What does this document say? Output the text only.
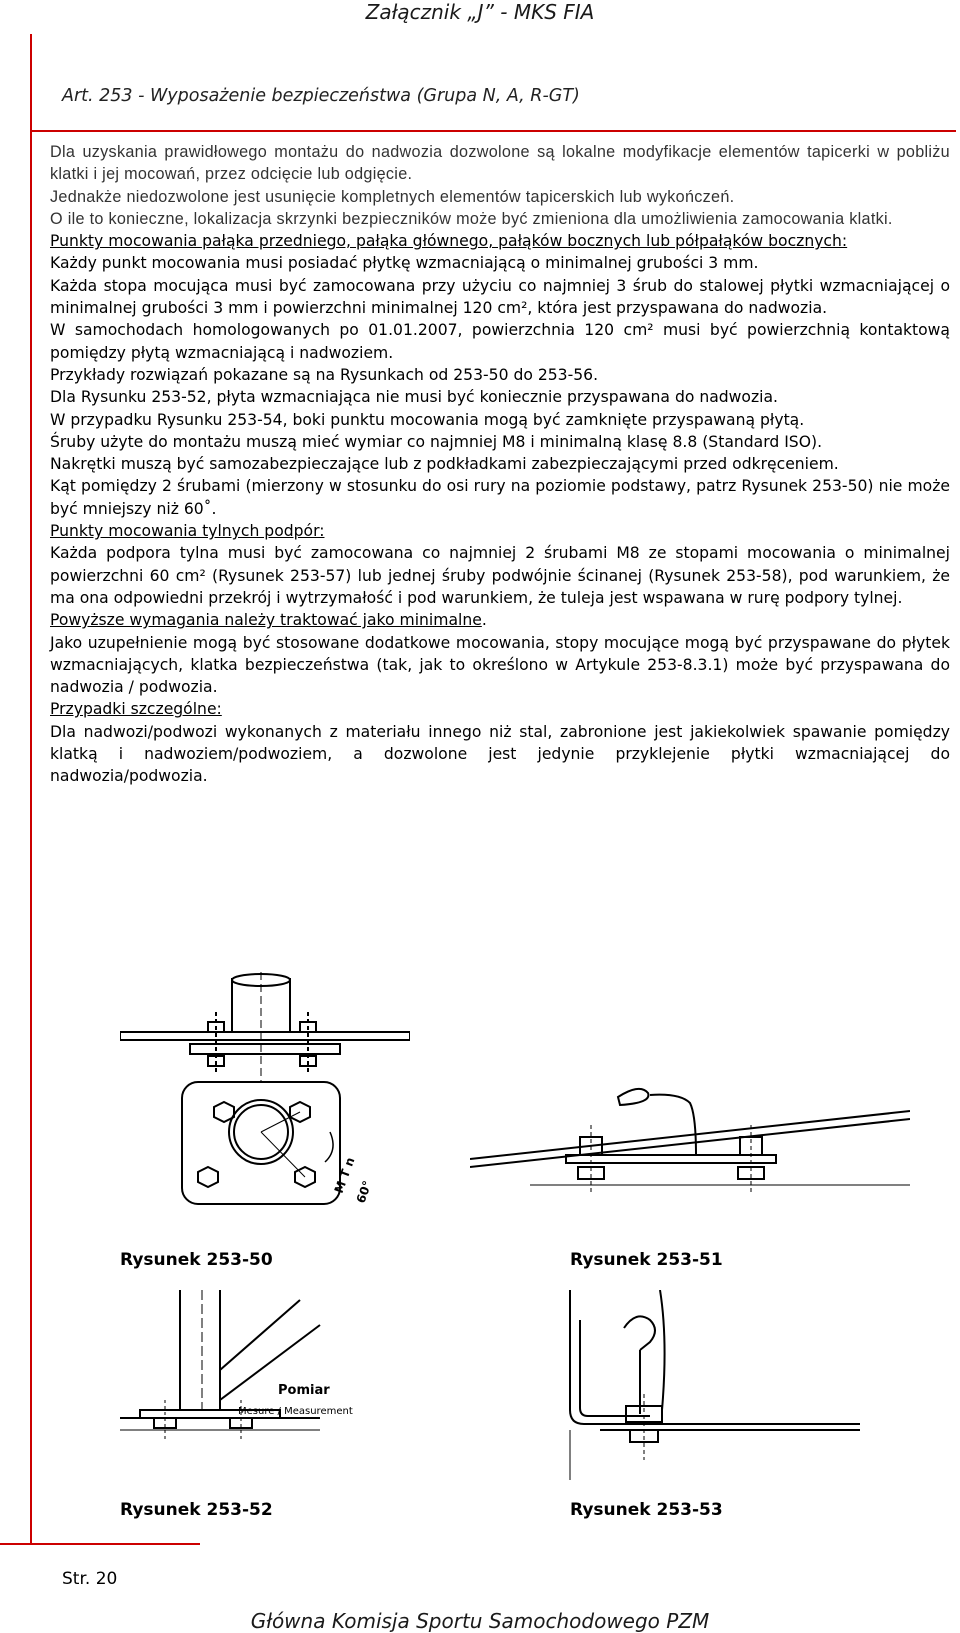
Załącznik „J” - MKS FIA
Art. 253 - Wyposażenie bezpieczeństwa (Grupa N, A, R-GT)

Dla uzyskania prawidłowego montażu do nadwozia dozwolone są lokalne modyfikacje elementów tapicerki w pobliżu klatki i jej mocowań, przez odcięcie lub odgięcie.

Jednakże niedozwolone jest usunięcie kompletnych elementów tapicerskich lub wykończeń.

O ile to konieczne, lokalizacja skrzynki bezpieczników może być zmieniona dla umożliwienia zamocowania klatki.

Punkty mocowania pałąka przedniego, pałąka głównego, pałąków bocznych lub półpałąków bocznych:

Każdy punkt mocowania musi posiadać płytkę wzmacniającą o minimalnej grubości 3 mm.

Każda stopa mocująca musi być zamocowana przy użyciu co najmniej 3 śrub do stalowej płytki wzmacniającej o minimalnej grubości 3 mm i powierzchni minimalnej 120 cm², która jest przyspawana do nadwozia.

W samochodach homologowanych po 01.01.2007, powierzchnia 120 cm² musi być powierzchnią kontaktową pomiędzy płytą wzmacniającą i nadwoziem.

Przykłady rozwiązań pokazane są na Rysunkach od 253-50 do 253-56.

Dla Rysunku 253-52, płyta wzmacniająca nie musi być koniecznie przyspawana do nadwozia.

W przypadku Rysunku 253-54, boki punktu mocowania mogą być zamknięte przyspawaną płytą.

Śruby użyte do montażu muszą mieć wymiar co najmniej M8 i minimalną klasę 8.8 (Standard ISO).

Nakrętki muszą być samozabezpieczające lub z podkładkami zabezpieczającymi przed odkręceniem.

Kąt pomiędzy 2 śrubami (mierzony w stosunku do osi rury na poziomie podstawy, patrz Rysunek 253-50) nie może być mniejszy niż 60˚.

Punkty mocowania tylnych podpór:

Każda podpora tylna musi być zamocowana co najmniej 2 śrubami M8 ze stopami mocowania o minimalnej powierzchni 60 cm² (Rysunek 253-57) lub jednej śruby podwójnie ścinanej (Rysunek 253-58), pod warunkiem, że ma ona odpowiedni przekrój i wytrzymałość i pod warunkiem, że tuleja jest wspawana w rurę podpory tylnej.

Powyższe wymagania należy traktować jako minimalne.

Jako uzupełnienie mogą być stosowane dodatkowe mocowania, stopy mocujące mogą być przyspawane do płytek wzmacniających, klatka bezpieczeństwa (tak, jak to określono w Artykule 253-8.3.1) może być przyspawana do nadwozia / podwozia.

Przypadki szczególne:

Dla nadwozi/podwozi wykonanych z materiału innego niż stal, zabronione jest jakiekolwiek spawanie pomiędzy klatką i nadwoziem/podwoziem, a dozwolone jest jedynie przyklejenie płytki wzmacniającej do nadwozia/podwozia.

M T n
60°
Rysunek 253-50	Rysunek 253-51
Pomiar
Mesure / Measurement
Rysunek 253-52	Rysunek 253-53
Str. 20
Główna Komisja Sportu Samochodowego PZM
